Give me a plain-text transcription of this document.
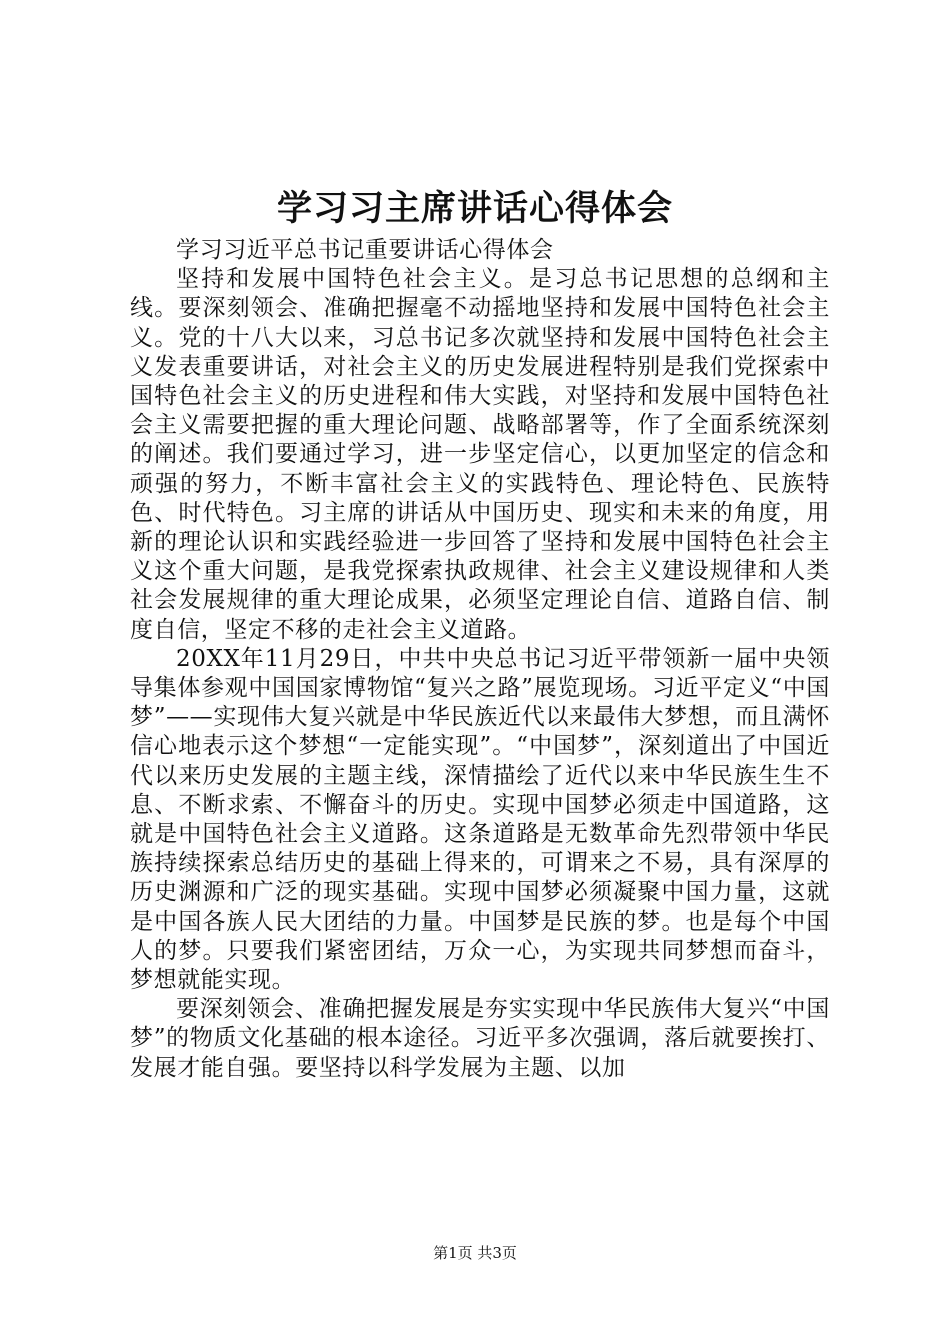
学习习主席讲话心得体会

学习习近平总书记重要讲话心得体会

坚持和发展中国特色社会主义。是习总书记思想的总纲和主线。要深刻领会、准确把握毫不动摇地坚持和发展中国特色社会主义。党的十八大以来，习总书记多次就坚持和发展中国特色社会主义发表重要讲话，对社会主义的历史发展进程特别是我们党探索中国特色社会主义的历史进程和伟大实践，对坚持和发展中国特色社会主义需要把握的重大理论问题、战略部署等，作了全面系统深刻的阐述。我们要通过学习，进一步坚定信心，以更加坚定的信念和顽强的努力，不断丰富社会主义的实践特色、理论特色、民族特色、时代特色。习主席的讲话从中国历史、现实和未来的角度，用新的理论认识和实践经验进一步回答了坚持和发展中国特色社会主义这个重大问题，是我党探索执政规律、社会主义建设规律和人类社会发展规律的重大理论成果，必须坚定理论自信、道路自信、制度自信，坚定不移的走社会主义道路。

20XX年11月29日，中共中央总书记习近平带领新一届中央领导集体参观中国国家博物馆“复兴之路”展览现场。习近平定义“中国梦”——实现伟大复兴就是中华民族近代以来最伟大梦想，而且满怀信心地表示这个梦想“一定能实现”。“中国梦”，深刻道出了中国近代以来历史发展的主题主线，深情描绘了近代以来中华民族生生不息、不断求索、不懈奋斗的历史。实现中国梦必须走中国道路，这就是中国特色社会主义道路。这条道路是无数革命先烈带领中华民族持续探索总结历史的基础上得来的，可谓来之不易，具有深厚的历史渊源和广泛的现实基础。实现中国梦必须凝聚中国力量，这就是中国各族人民大团结的力量。中国梦是民族的梦。也是每个中国人的梦。只要我们紧密团结，万众一心，为实现共同梦想而奋斗，梦想就能实现。

要深刻领会、准确把握发展是夯实实现中华民族伟大复兴“中国梦”的物质文化基础的根本途径。习近平多次强调，落后就要挨打、发展才能自强。要坚持以科学发展为主题、以加

第1页 共3页
